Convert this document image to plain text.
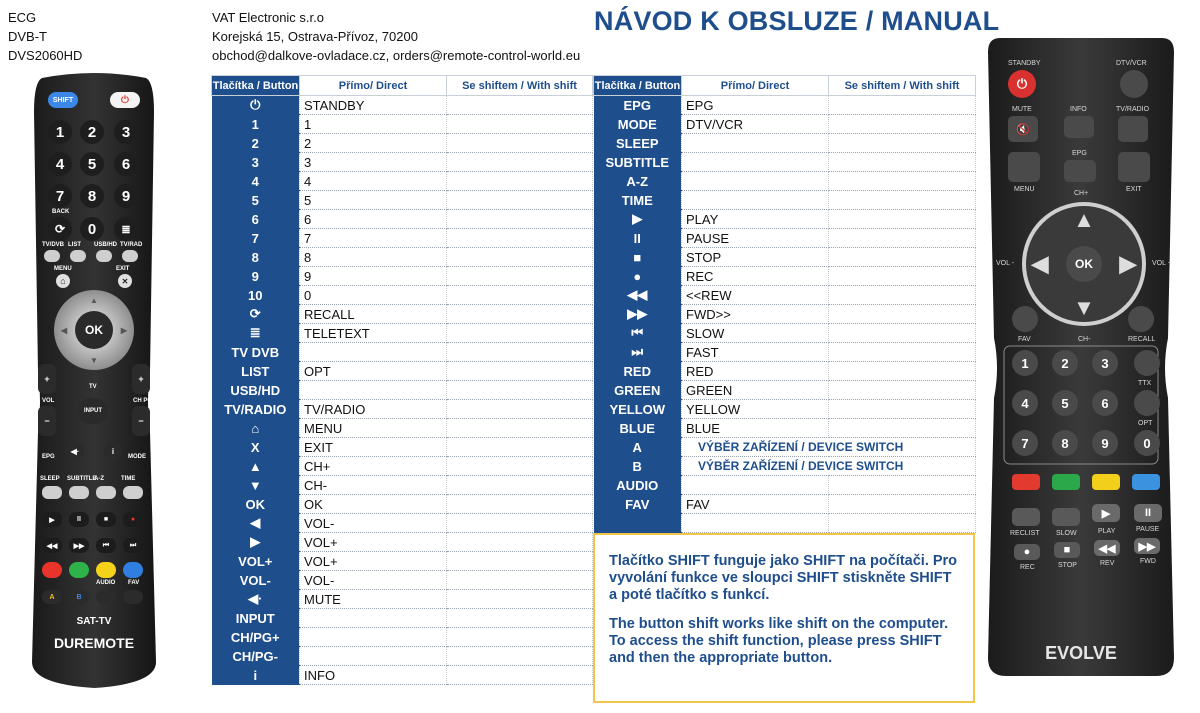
ECG
DVB-T
DVS2060HD
VAT Electronic s.r.o
Korejská 15, Ostrava-Přívoz, 70200
obchod@dalkove-ovladace.cz, orders@remote-control-world.eu
NÁVOD K OBSLUZE / MANUAL
Tlačítka / Button	Přímo/ Direct	Se shiftem / With shift
⏻	STANDBY	
1	1	
2	2	
3	3	
4	4	
5	5	
6	6	
7	7	
8	8	
9	9	
10	0	
⟳	RECALL	
≣	TELETEXT	
TV DVB		
LIST	OPT	
USB/HD		
TV/RADIO	TV/RADIO	
⌂	MENU	
X	EXIT	
▲	CH+	
▼	CH-	
OK	OK	
◀	VOL-	
▶	VOL+	
VOL+	VOL+	
VOL-	VOL-	
◀·	MUTE	
INPUT		
CH/PG+		
CH/PG-		
i	INFO	
Tlačítka / Button	Přímo/ Direct	Se shiftem / With shift
EPG	EPG	
MODE	DTV/VCR	
SLEEP		
SUBTITLE		
A-Z		
TIME		
▶	PLAY	
II	PAUSE	
■	STOP	
●	REC	
◀◀	<<REW	
▶▶	FWD>>	
⏮	SLOW	
⏭	FAST	
RED	RED	
GREEN	GREEN	
YELLOW	YELLOW	
BLUE	BLUE	
A	VÝBĚR ZAŘÍZENÍ / DEVICE SWITCH	
B	VÝBĚR ZAŘÍZENÍ / DEVICE SWITCH	
AUDIO		
FAV	FAV	

Tlačítko SHIFT funguje jako SHIFT na počítači. Pro vyvolání funkce ve sloupci SHIFT stiskněte SHIFT a poté tlačítko s funkcí.

The button shift works like shift on the computer. To access the shift function, please press SHIFT and then the appropriate button.

SHIFT	⏻
1	2	3
4	5	6
7	8	9
⟳	0	≣
BACK
TV/DVB LIST USB/HD TV/RAD
MENU	EXIT
⌂	✕
OK
▲
▼
◀	▶
+
−
VOL
+
−
CH PG
TV
INPUT
◀·	i
EPG	MODE
SLEEP SUBTITLE
A-Z	TIME
▶	II	■	●
◀◀	▶▶	⏮	⏭
AUDIO FAV
A	B
SAT-TV
DUREMOTE
STANDBY	DTV/VCR
⏻
MUTE	INFO	TV/RADIO
🔇
EPG
MENU
CH+
EXIT
▲
▼
◀	▶
OK
VOL -	VOL +
FAV	CH-	RECALL
1	2	3
4	5	6
7	8	9	0
TTX
OPT
▶	II
RECLIST SLOW	PLAY	PAUSE
●	■	◀◀	▶▶
REC	STOP	REV	FWD
EVOLVE
